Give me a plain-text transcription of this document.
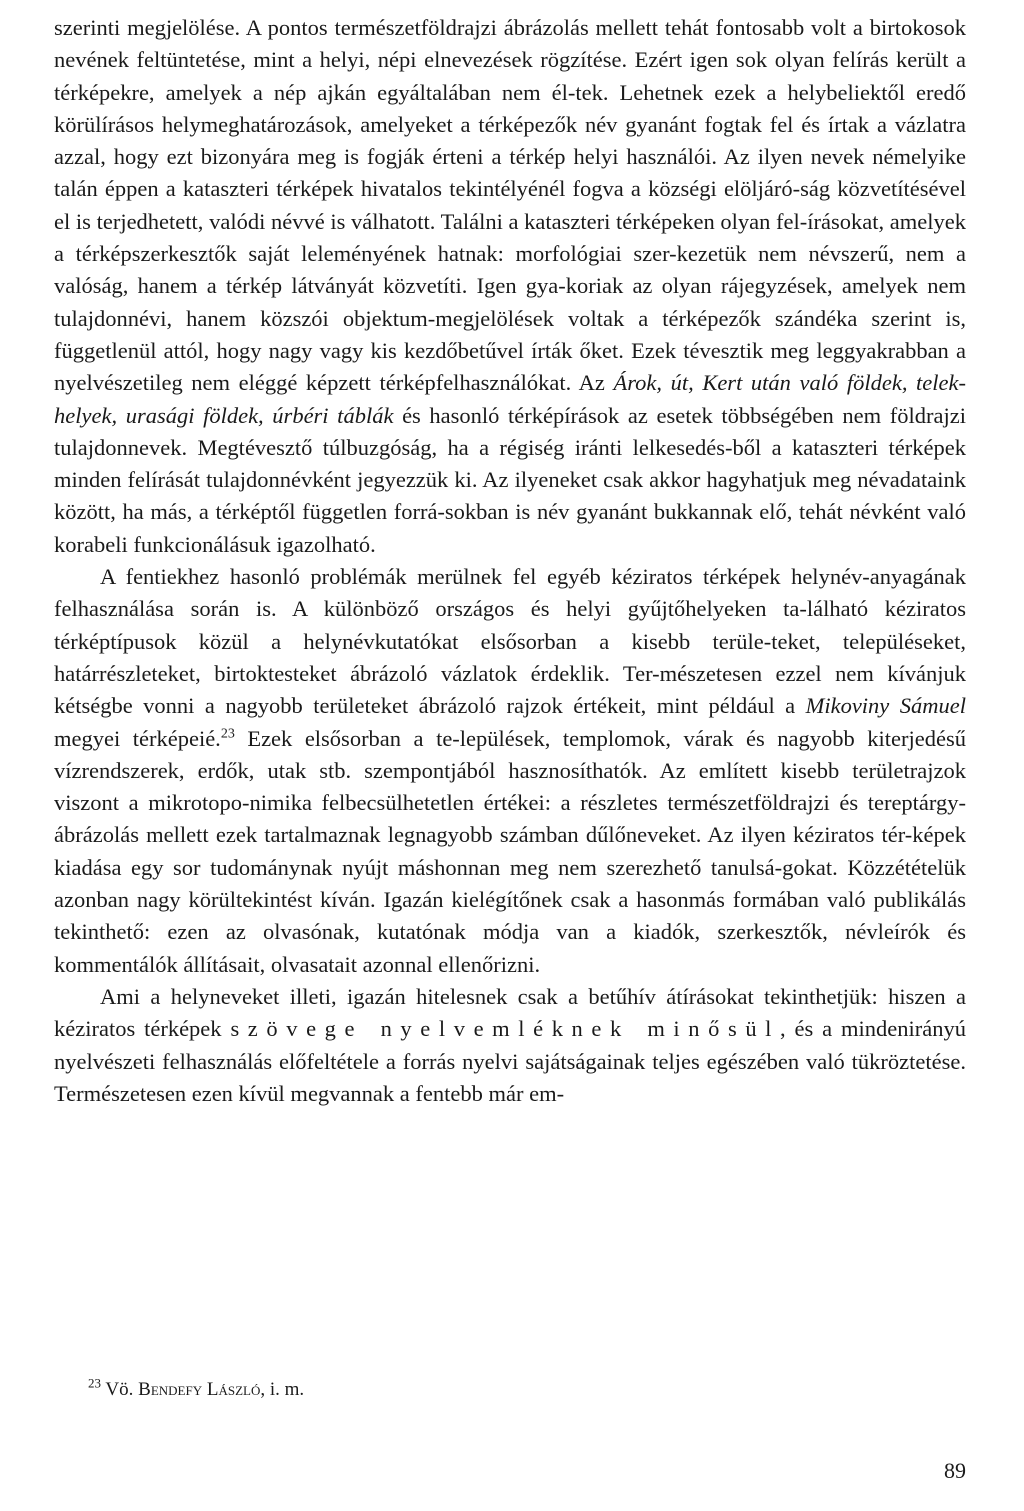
szerinti megjelölése. A pontos természetföldrajzi ábrázolás mellett tehát fontosabb volt a birtokosok nevének feltüntetése, mint a helyi, népi elnevezések rögzítése. Ezért igen sok olyan felírás került a térképekre, amelyek a nép ajkán egyáltalában nem él-tek. Lehetnek ezek a helybeliektől eredő körülírásos helymeghatározások, amelyeket a térképezők név gyanánt fogtak fel és írtak a vázlatra azzal, hogy ezt bizonyára meg is fogják érteni a térkép helyi használói. Az ilyen nevek némelyike talán éppen a kataszteri térképek hivatalos tekintélyénél fogva a községi elöljáró-ság közvetítésével el is terjedhetett, valódi névvé is válhatott. Találni a kataszteri térképeken olyan fel-írásokat, amelyek a térképszerkesztők saját leleményének hatnak: morfológiai szer-kezetük nem névszerű, nem a valóság, hanem a térkép látványát közvetíti. Igen gya-koriak az olyan rájegyzések, amelyek nem tulajdonnévi, hanem közszói objektum-megjelölések voltak a térképezők szándéka szerint is, függetlenül attól, hogy nagy vagy kis kezdőbetűvel írták őket. Ezek tévesztik meg leggyakrabban a nyelvészetileg nem eléggé képzett térképfelhasználókat. Az Árok, út, Kert után való földek, telek-helyek, urasági földek, úrbéri táblák és hasonló térképírások az esetek többségében nem földrajzi tulajdonnevek. Megtévesztő túlbuzgóság, ha a régiség iránti lelkesedés-ből a kataszteri térképek minden felírását tulajdonnévként jegyezzük ki. Az ilyeneket csak akkor hagyhatjuk meg névadataink között, ha más, a térképtől független forrá-sokban is név gyanánt bukkannak elő, tehát névként való korabeli funkcionálásuk igazolható.

A fentiekhez hasonló problémák merülnek fel egyéb kéziratos térképek helynév-anyagának felhasználása során is. A különböző országos és helyi gyűjtőhelyeken ta-lálható kéziratos térképtípusok közül a helynévkutatókat elsősorban a kisebb terüle-teket, településeket, határrészleteket, birtoktesteket ábrázoló vázlatok érdeklik. Ter-mészetesen ezzel nem kívánjuk kétségbe vonni a nagyobb területeket ábrázoló rajzok értékeit, mint például a Mikoviny Sámuel megyei térképeié.$^{23}$ Ezek elsősorban a te-lepülések, templomok, várak és nagyobb kiterjedésű vízrendszerek, erdők, utak stb. szempontjából hasznosíthatók. Az említett kisebb területrajzok viszont a mikrotopo-nimika felbecsülhetetlen értékei: a részletes természetföldrajzi és tereptárgy-ábrázolás mellett ezek tartalmaznak legnagyobb számban dűlőneveket. Az ilyen kéziratos tér-képek kiadása egy sor tudománynak nyújt máshonnan meg nem szerezhető tanulsá-gokat. Közzétételük azonban nagy körültekintést kíván. Igazán kielégítőnek csak a hasonmás formában való publikálás tekinthető: ezen az olvasónak, kutatónak módja van a kiadók, szerkesztők, névleírók és kommentálók állításait, olvasatait azonnal ellenőrizni.

Ami a helyneveket illeti, igazán hitelesnek csak a betűhív átírásokat tekinthetjük: hiszen a kéziratos térképek szövege nyelvemléknek minősül, és a mindenirányú nyelvészeti felhasználás előfeltétele a forrás nyelvi sajátságainak teljes egészében való tükröztetése. Természetesen ezen kívül megvannak a fentebb már em-

$^{23}$ Vö. Bendefy László, i. m.
89
